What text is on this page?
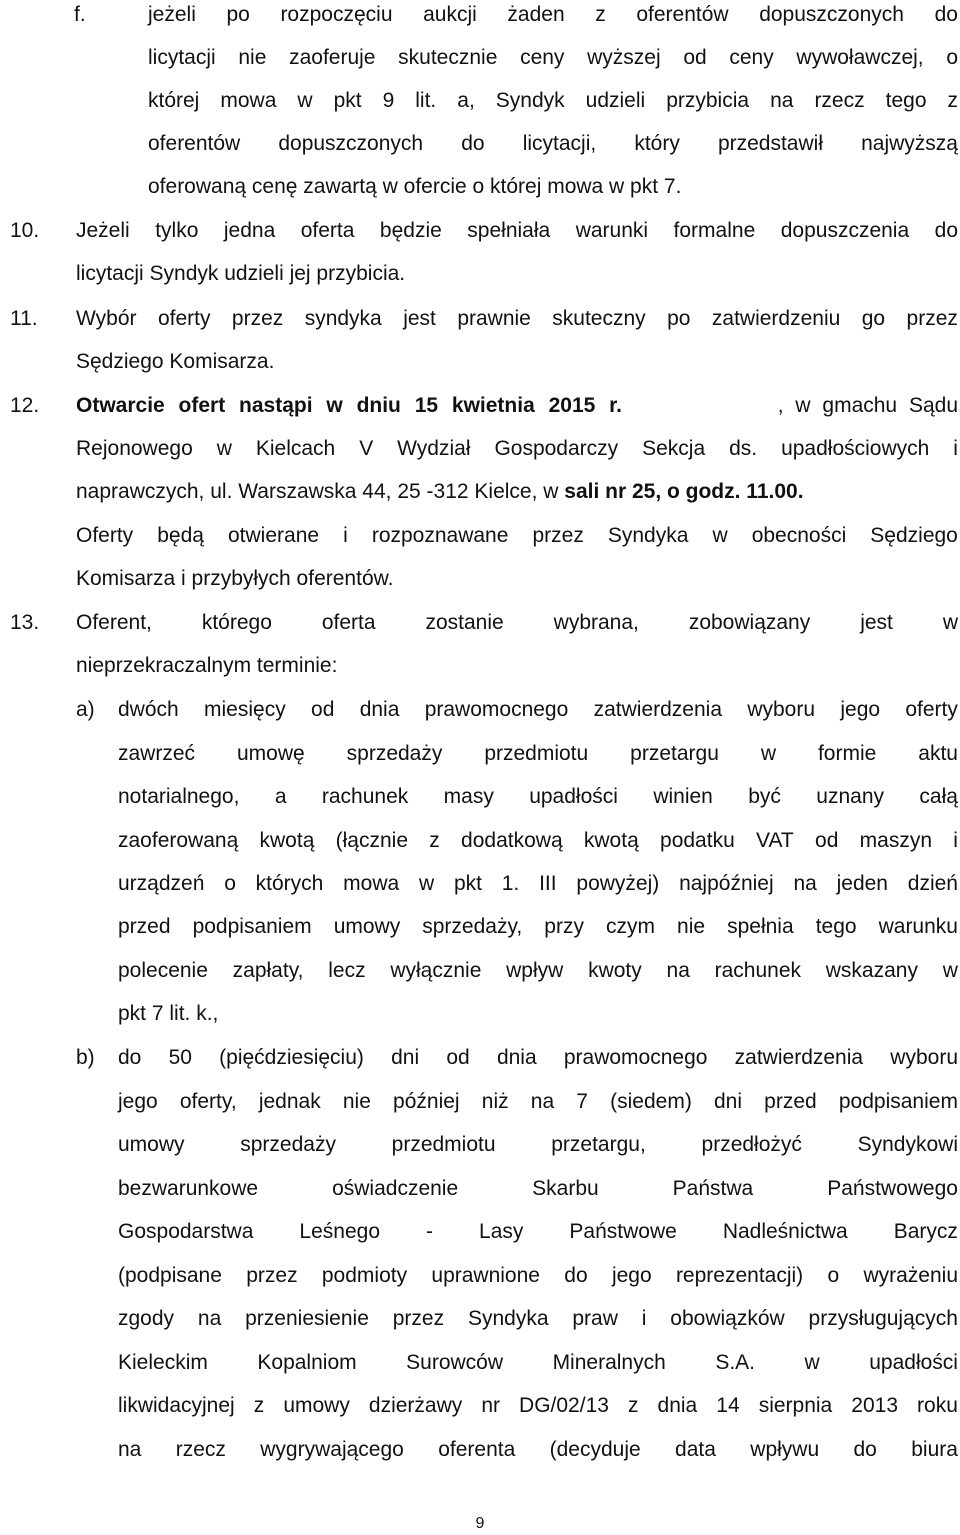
f.	jeżeli po rozpoczęciu aukcji żaden z oferentów dopuszczonych do
licytacji nie zaoferuje skutecznie ceny wyższej od ceny wywoławczej, o
której mowa w pkt 9 lit. a, Syndyk udzieli przybicia na rzecz tego z
oferentów dopuszczonych do licytacji, który przedstawił najwyższą
oferowaną cenę zawartą w ofercie o której mowa w pkt 7.
10. Jeżeli tylko jedna oferta będzie spełniała warunki formalne dopuszczenia do
licytacji Syndyk udzieli jej przybicia.
11. Wybór oferty przez syndyka jest prawnie skuteczny po zatwierdzeniu go przez
Sędziego Komisarza.
12. Otwarcie ofert nastąpi w dniu 15 kwietnia 2015 r.	, w gmachu Sądu
Rejonowego w Kielcach V Wydział Gospodarczy Sekcja ds. upadłościowych i
naprawczych, ul. Warszawska 44, 25 -312 Kielce, w sali nr 25, o godz. 11.00.
Oferty będą otwierane i rozpoznawane przez Syndyka w obecności Sędziego
Komisarza i przybyłych oferentów.
13. Oferent, którego oferta zostanie wybrana, zobowiązany jest w
nieprzekraczalnym terminie:
a) dwóch miesięcy od dnia prawomocnego zatwierdzenia wyboru jego oferty
zawrzeć umowę sprzedaży przedmiotu przetargu w formie aktu
notarialnego, a rachunek masy upadłości winien być uznany całą
zaoferowaną kwotą (łącznie z dodatkową kwotą podatku VAT od maszyn i
urządzeń o których mowa w pkt 1. III powyżej) najpóźniej na jeden dzień
przed podpisaniem umowy sprzedaży, przy czym nie spełnia tego warunku
polecenie zapłaty, lecz wyłącznie wpływ kwoty na rachunek wskazany w
pkt 7 lit. k.,
b) do 50 (pięćdziesięciu) dni od dnia prawomocnego zatwierdzenia wyboru
jego oferty, jednak nie później niż na 7 (siedem) dni przed podpisaniem
umowy	sprzedaży	przedmiotu	przetargu,	przedłożyć	Syndykowi
bezwarunkowe	oświadczenie	Skarbu	Państwa	Państwowego
Gospodarstwa Leśnego - Lasy Państwowe Nadleśnictwa Barycz
(podpisane przez podmioty uprawnione do jego reprezentacji) o wyrażeniu
zgody na przeniesienie przez Syndyka praw i obowiązków przysługujących
Kieleckim Kopalniom Surowców Mineralnych S.A. w upadłości
likwidacyjnej z umowy dzierżawy nr DG/02/13 z dnia 14 sierpnia 2013 roku
na rzecz wygrywającego oferenta (decyduje data wpływu do biura
9
